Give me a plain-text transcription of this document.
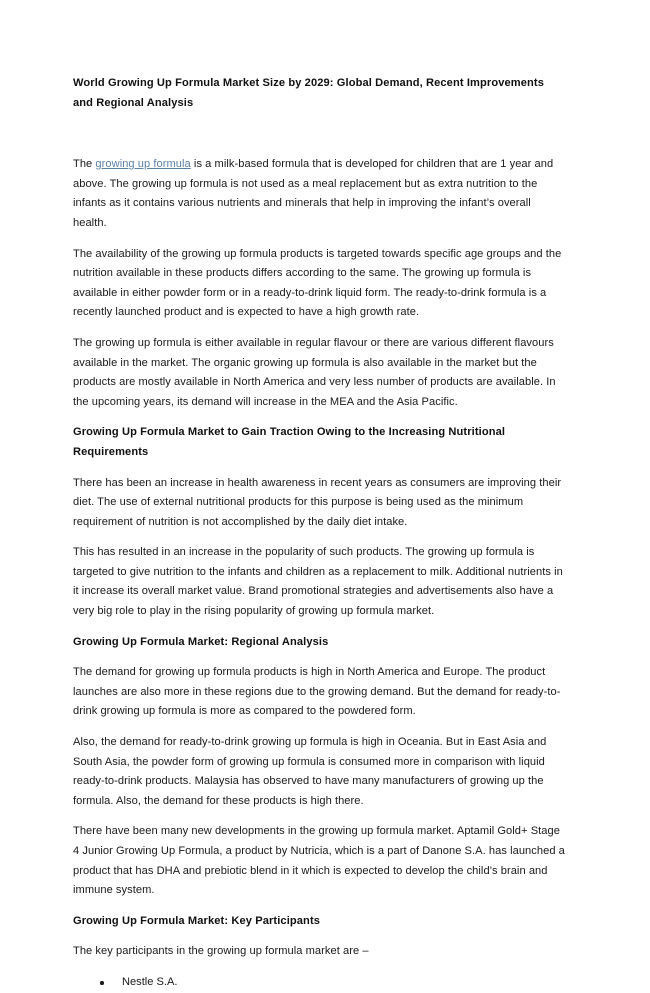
World Growing Up Formula Market Size by 2029: Global Demand, Recent Improvements and Regional Analysis

The growing up formula is a milk-based formula that is developed for children that are 1 year and above. The growing up formula is not used as a meal replacement but as extra nutrition to the infants as it contains various nutrients and minerals that help in improving the infant’s overall health.

The availability of the growing up formula products is targeted towards specific age groups and the nutrition available in these products differs according to the same. The growing up formula is available in either powder form or in a ready-to-drink liquid form. The ready-to-drink formula is a recently launched product and is expected to have a high growth rate.

The growing up formula is either available in regular flavour or there are various different flavours available in the market. The organic growing up formula is also available in the market but the products are mostly available in North America and very less number of products are available. In the upcoming years, its demand will increase in the MEA and the Asia Pacific.

Growing Up Formula Market to Gain Traction Owing to the Increasing Nutritional Requirements

There has been an increase in health awareness in recent years as consumers are improving their diet. The use of external nutritional products for this purpose is being used as the minimum requirement of nutrition is not accomplished by the daily diet intake.

This has resulted in an increase in the popularity of such products. The growing up formula is targeted to give nutrition to the infants and children as a replacement to milk. Additional nutrients in it increase its overall market value. Brand promotional strategies and advertisements also have a very big role to play in the rising popularity of growing up formula market.

Growing Up Formula Market: Regional Analysis

The demand for growing up formula products is high in North America and Europe. The product launches are also more in these regions due to the growing demand. But the demand for ready-to-drink growing up formula is more as compared to the powdered form.

Also, the demand for ready-to-drink growing up formula is high in Oceania. But in East Asia and South Asia, the powder form of growing up formula is consumed more in comparison with liquid ready-to-drink products. Malaysia has observed to have many manufacturers of growing up the formula. Also, the demand for these products is high there.

There have been many new developments in the growing up formula market. Aptamil Gold+ Stage 4 Junior Growing Up Formula, a product by Nutricia, which is a part of Danone S.A. has launched a product that has DHA and prebiotic blend in it which is expected to develop the child’s brain and immune system.

Growing Up Formula Market: Key Participants

The key participants in the growing up formula market are –

Nestle S.A.
